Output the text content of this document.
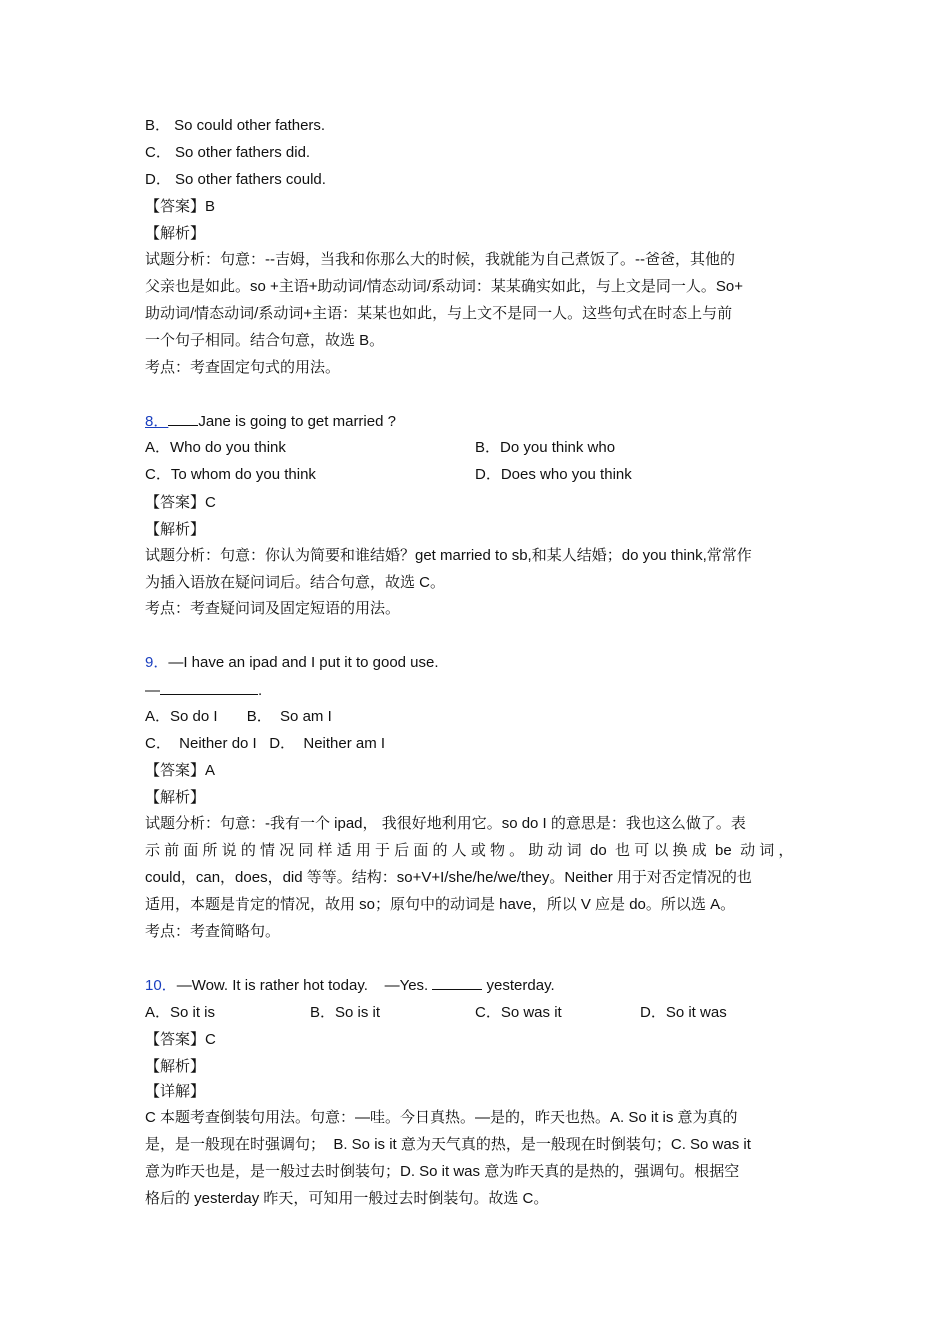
B． So could other fathers.
C． So other fathers did.
D． So other fathers could.
【答案】B
【解析】
试题分析：句意：--吉姆，当我和你那么大的时候，我就能为自己煮饭了。--爸爸，其他的
父亲也是如此。so +主语+助动词/情态动词/系动词：某某确实如此，与上文是同一人。So+
助动词/情态动词/系动词+主语：某某也如此，与上文不是同一人。这些句式在时态上与前
一个句子相同。结合句意，故选 B。
考点：考查固定句式的用法。
8． Jane is going to get married ?
A．Who do you think	B．Do you think who
C．To whom do you think	D．Does who you think
【答案】C
【解析】
试题分析：句意：你认为简要和谁结婚？get married to sb,和某人结婚；do you think,常常作
为插入语放在疑问词后。结合句意，故选 C。
考点：考查疑问词及固定短语的用法。
9．—I have an ipad and I put it to good use.
—	.
A．So do I       B．  So am I
C．  Neither do I   D．  Neither am I
【答案】A
【解析】
试题分析：句意：-我有一个 ipad， 我很好地利用它。so do I 的意思是：我也这么做了。表
示 前 面 所 说 的 情 况 同 样 适 用 于 后 面 的 人 或 物 。 助 动 词  do  也 可 以 换 成  be  动 词 ，
could，can，does，did 等等。结构：so+V+I/she/he/we/they。Neither 用于对否定情况的也
适用，本题是肯定的情况，故用 so；原句中的动词是 have，所以 V 应是 do。所以选 A。
考点：考查简略句。
10．—Wow. It is rather hot today. —Yes.	yesterday.
A．So it is	B．So is it	C．So was it	D．So it was
【答案】C
【解析】
【详解】
C 本题考查倒装句用法。句意：—哇。今日真热。—是的，昨天也热。A. So it is 意为真的
是，是一般现在时强调句；  B. So is it 意为天气真的热，是一般现在时倒装句；C. So was it
意为昨天也是，是一般过去时倒装句；D. So it was 意为昨天真的是热的，强调句。根据空
格后的 yesterday 昨天，可知用一般过去时倒装句。故选 C。
